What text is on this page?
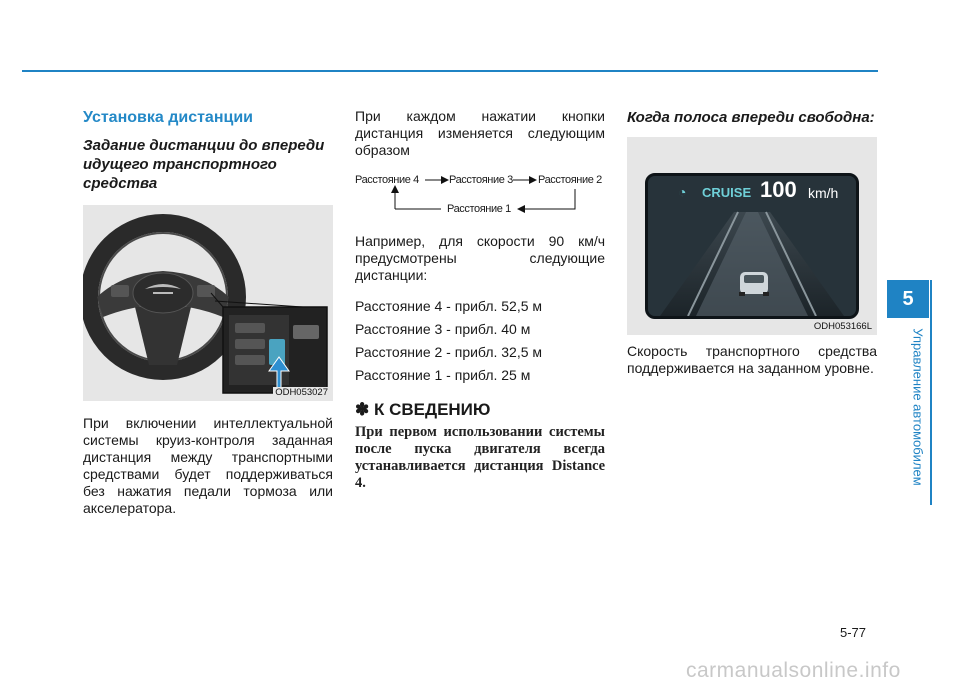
5
Управление автомобилем
Установка дистанции
Задание дистанции до впереди идущего транспортного средства
ODH053027
При включении интеллектуальной системы круиз-контроля заданная дистанция между транспортными средствами будет поддерживаться без нажатия педали тормоза или акселератора.
При каждом нажатии кнопки дистанция изменяется следующим образом
Расстояние 4	Расстояние 3 Расстояние 2
Расстояние 1
Например, для скорости 90 км/ч предусмотрены следующие дистанции:
Расстояние 4 - прибл. 52,5 м
Расстояние 3 - прибл. 40 м
Расстояние 2 - прибл. 32,5 м
Расстояние 1 - прибл. 25 м
✽ К СВЕДЕНИЮ
При первом использовании системы после пуска двигателя всегда устанавливается дистанция Distance 4.
Когда полоса впереди свободна:
◔ CRUISE 100 km/h
ODH053166L
Скорость транспортного средства поддерживается на заданном уровне.
5-77
carmanualsonline.info
